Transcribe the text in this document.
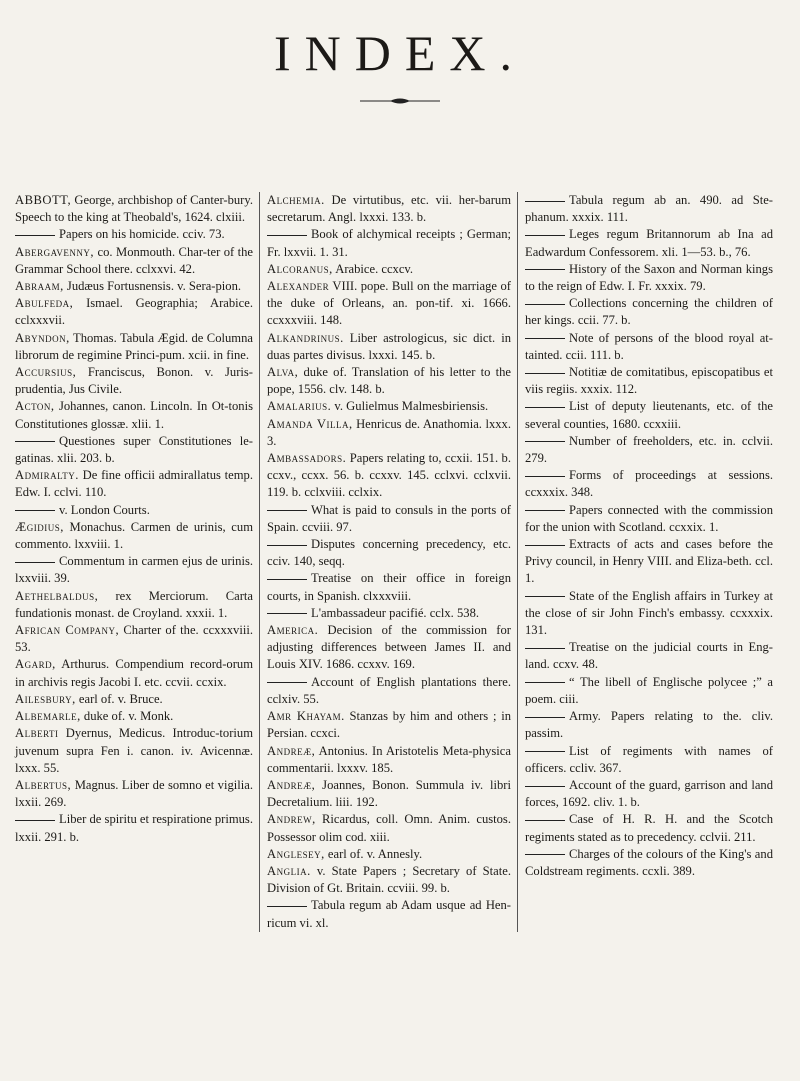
INDEX.
ABBOTT, George, archbishop of Canter-bury. Speech to the king at Theobald's, 1624. clxiii.
Papers on his homicide. cciv. 73.
Abergavenny, co. Monmouth. Char-ter of the Grammar School there. cclxxvi. 42.
Abraam, Judæus Fortusnensis. v. Sera-pion.
Abulfeda, Ismael. Geographia; Arabice. cclxxxvii.
Abyndon, Thomas. Tabula Ægid. de Columna librorum de regimine Princi-pum. xcii. in fine.
Accursius, Franciscus, Bonon. v. Juris-prudentia, Jus Civile.
Acton, Johannes, canon. Lincoln. In Ot-tonis Constitutiones glossæ. xlii. 1.
Questiones super Constitutiones le-gatinas. xlii. 203. b.
Admiralty. De fine officii admirallatus temp. Edw. I. cclvi. 110.
v. London Courts.
Ægidius, Monachus. Carmen de urinis, cum commento. lxxviii. 1.
Commentum in carmen ejus de urinis. lxxviii. 39.
Aethelbaldus, rex Merciorum. Carta fundationis monast. de Croyland. xxxii. 1.
African Company, Charter of the. ccxxxviii. 53.
Agard, Arthurus. Compendium record-orum in archivis regis Jacobi I. etc. ccvii. ccxix.
Ailesbury, earl of. v. Bruce.
Albemarle, duke of. v. Monk.
Alberti Dyernus, Medicus. Introduc-torium juvenum supra Fen i. canon. iv. Avicennæ. lxxx. 55.
Albertus, Magnus. Liber de somno et vigilia. lxxii. 269.
Liber de spiritu et respiratione primus. lxxii. 291. b.
Alchemia. De virtutibus, etc. vii. her-barum secretarum. Angl. lxxxi. 133. b.
Book of alchymical receipts ; German; Fr. lxxvii. 1. 31.
Alcoranus, Arabice. ccxcv.
Alexander VIII. pope. Bull on the marriage of the duke of Orleans, an. pon-tif. xi. 1666. ccxxxviii. 148.
Alkandrinus. Liber astrologicus, sic dict. in duas partes divisus. lxxxi. 145. b.
Alva, duke of. Translation of his letter to the pope, 1556. clv. 148. b.
Amalarius. v. Gulielmus Malmesbiriensis.
Amanda Villa, Henricus de. Anathomia. lxxx. 3.
Ambassadors. Papers relating to, ccxii. 151. b. ccxv., ccxx. 56. b. ccxxv. 145. cclxvi. cclxvii. 119. b. cclxviii. cclxix.
What is paid to consuls in the ports of Spain. ccviii. 97.
Disputes concerning precedency, etc. cciv. 140, seqq.
Treatise on their office in foreign courts, in Spanish. clxxxviii.
L'ambassadeur pacifié. cclx. 538.
America. Decision of the commission for adjusting differences between James II. and Louis XIV. 1686. ccxxv. 169.
Account of English plantations there. cclxiv. 55.
Amr Khayam. Stanzas by him and others ; in Persian. ccxci.
Andreæ, Antonius. In Aristotelis Meta-physica commentarii. lxxxv. 185.
Andreæ, Joannes, Bonon. Summula iv. libri Decretalium. liii. 192.
Andrew, Ricardus, coll. Omn. Anim. custos. Possessor olim cod. xiii.
Anglesey, earl of. v. Annesly.
Anglia. v. State Papers ; Secretary of State. Division of Gt. Britain. ccviii. 99. b.
Tabula regum ab Adam usque ad Hen-ricum vi. xl.
Tabula regum ab an. 490. ad Ste-phanum. xxxix. 111.
Leges regum Britannorum ab Ina ad Eadwardum Confessorem. xli. 1—53. b., 76.
History of the Saxon and Norman kings to the reign of Edw. I. Fr. xxxix. 79.
Collections concerning the children of her kings. ccii. 77. b.
Note of persons of the blood royal at-tainted. ccii. 111. b.
Notitiæ de comitatibus, episcopatibus et viis regiis. xxxix. 112.
List of deputy lieutenants, etc. of the several counties, 1680. ccxxiii.
Number of freeholders, etc. in. cclvii. 279.
Forms of proceedings at sessions. ccxxxix. 348.
Papers connected with the commission for the union with Scotland. ccxxix. 1.
Extracts of acts and cases before the Privy council, in Henry VIII. and Eliza-beth. ccl. 1.
State of the English affairs in Turkey at the close of sir John Finch's embassy. ccxxxix. 131.
Treatise on the judicial courts in Eng-land. ccxv. 48.
“ The libell of Englische polycee ;” a poem. ciii.
Army. Papers relating to the. cliv. passim.
List of regiments with names of officers. ccliv. 367.
Account of the guard, garrison and land forces, 1692. cliv. 1. b.
Case of H. R. H. and the Scotch regiments stated as to precedency. cclvii. 211.
Charges of the colours of the King's and Coldstream regiments. ccxli. 389.
